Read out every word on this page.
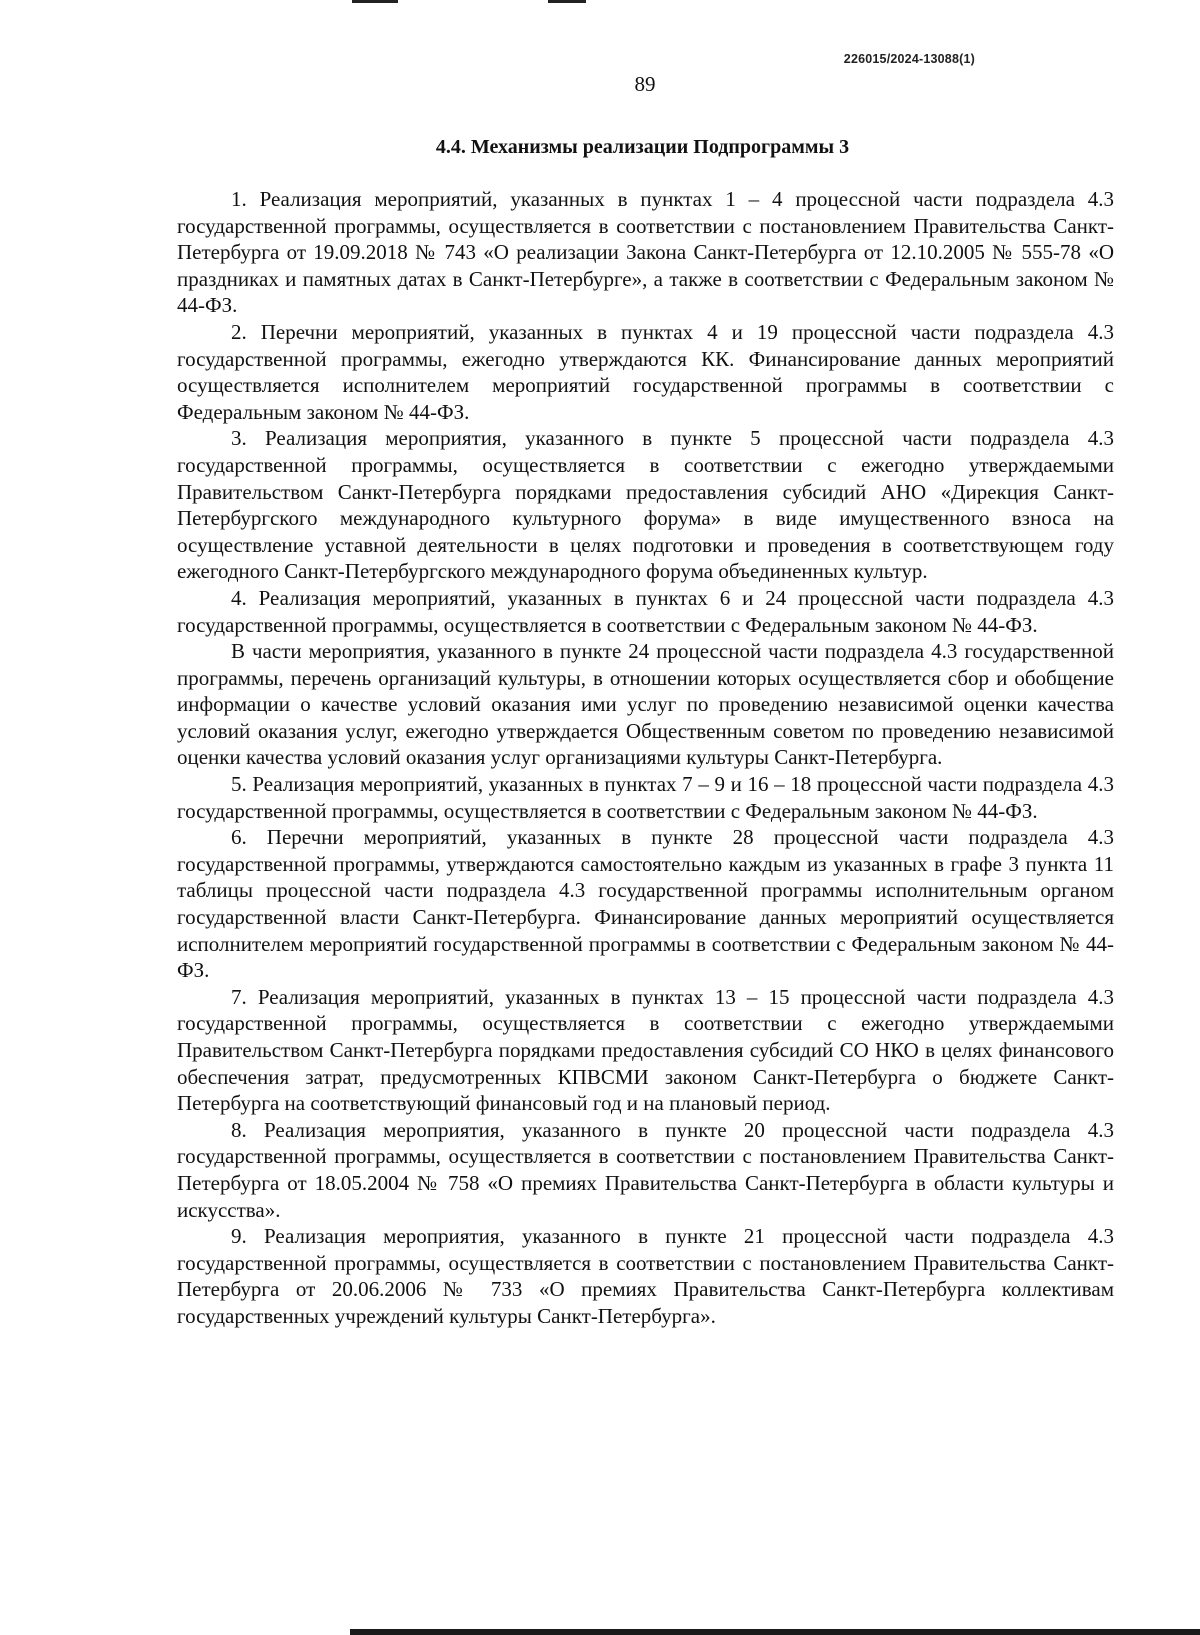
226015/2024-13088(1)
89
4.4. Механизмы реализации Подпрограммы 3

1. Реализация мероприятий, указанных в пунктах 1 – 4 процессной части подраздела 4.3 государственной программы, осуществляется в соответствии с постановлением Правительства Санкт-Петербурга от 19.09.2018 № 743 «О реализации Закона Санкт-Петербурга от 12.10.2005 № 555-78 «О праздниках и памятных датах в Санкт-Петербурге», а также в соответствии с Федеральным законом № 44-ФЗ.

2. Перечни мероприятий, указанных в пунктах 4 и 19 процессной части подраздела 4.3 государственной программы, ежегодно утверждаются КК. Финансирование данных мероприятий осуществляется исполнителем мероприятий государственной программы в соответствии с Федеральным законом № 44-ФЗ.

3. Реализация мероприятия, указанного в пункте 5 процессной части подраздела 4.3 государственной программы, осуществляется в соответствии с ежегодно утверждаемыми Правительством Санкт-Петербурга порядками предоставления субсидий АНО «Дирекция Санкт-Петербургского международного культурного форума» в виде имущественного взноса на осуществление уставной деятельности в целях подготовки и проведения в соответствующем году ежегодного Санкт-Петербургского международного форума объединенных культур.

4. Реализация мероприятий, указанных в пунктах 6 и 24 процессной части подраздела 4.3 государственной программы, осуществляется в соответствии с Федеральным законом № 44-ФЗ.

В части мероприятия, указанного в пункте 24 процессной части подраздела 4.3 государственной программы, перечень организаций культуры, в отношении которых осуществляется сбор и обобщение информации о качестве условий оказания ими услуг по проведению независимой оценки качества условий оказания услуг, ежегодно утверждается Общественным советом по проведению независимой оценки качества условий оказания услуг организациями культуры Санкт-Петербурга.

5. Реализация мероприятий, указанных в пунктах 7 – 9 и 16 – 18 процессной части подраздела 4.3 государственной программы, осуществляется в соответствии с Федеральным законом № 44-ФЗ.

6. Перечни мероприятий, указанных в пункте 28 процессной части подраздела 4.3 государственной программы, утверждаются самостоятельно каждым из указанных в графе 3 пункта 11 таблицы процессной части подраздела 4.3 государственной программы исполнительным органом государственной власти Санкт-Петербурга. Финансирование данных мероприятий осуществляется исполнителем мероприятий государственной программы в соответствии с Федеральным законом № 44-ФЗ.

7. Реализация мероприятий, указанных в пунктах 13 – 15 процессной части подраздела 4.3 государственной программы, осуществляется в соответствии с ежегодно утверждаемыми Правительством Санкт-Петербурга порядками предоставления субсидий СО НКО в целях финансового обеспечения затрат, предусмотренных КПВСМИ законом Санкт-Петербурга о бюджете Санкт-Петербурга на соответствующий финансовый год и на плановый период.

8. Реализация мероприятия, указанного в пункте 20 процессной части подраздела 4.3 государственной программы, осуществляется в соответствии с постановлением Правительства Санкт-Петербурга от 18.05.2004 № 758 «О премиях Правительства Санкт-Петербурга в области культуры и искусства».

9. Реализация мероприятия, указанного в пункте 21 процессной части подраздела 4.3 государственной программы, осуществляется в соответствии с постановлением Правительства Санкт-Петербурга от 20.06.2006 № 733 «О премиях Правительства Санкт-Петербурга коллективам государственных учреждений культуры Санкт-Петербурга».
